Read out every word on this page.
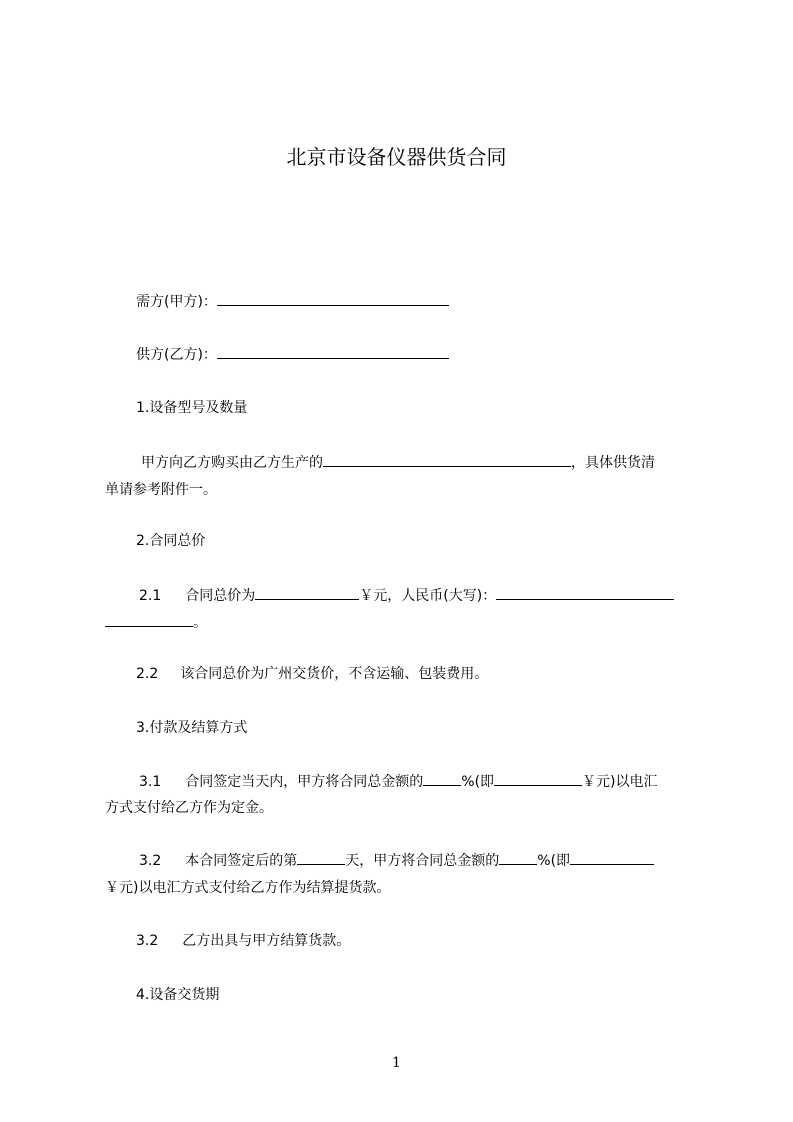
北京市设备仪器供货合同
需方(甲方)：
供方(乙方)：
1.设备型号及数量
甲方向乙方购买由乙方生产的	，具体供货清
单请参考附件一。
2.合同总价
2.1 合同总价为	￥元，人民币(大写)：
。
2.2 该合同总价为广州交货价，不含运输、包装费用。
3.付款及结算方式
3.1 合同签定当天内，甲方将合同总金额的	%(即	￥元)以电汇
方式支付给乙方作为定金。
3.2 本合同签定后的第	天，甲方将合同总金额的	%(即
￥元)以电汇方式支付给乙方作为结算提货款。
3.2 乙方出具与甲方结算货款。
4.设备交货期
1
